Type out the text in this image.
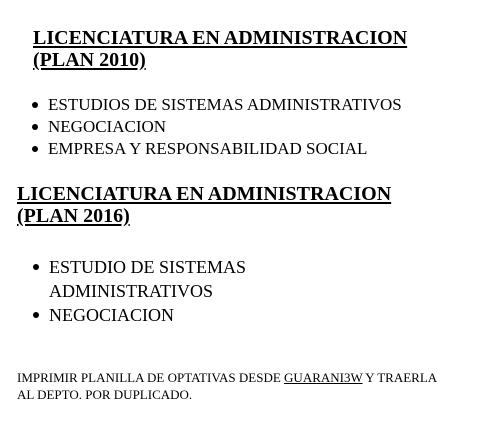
LICENCIATURA EN ADMINISTRACION
(PLAN 2010)
ESTUDIOS DE SISTEMAS ADMINISTRATIVOS
NEGOCIACION
EMPRESA Y RESPONSABILIDAD SOCIAL
LICENCIATURA EN ADMINISTRACION
(PLAN 2016)
ESTUDIO DE SISTEMAS ADMINISTRATIVOS
NEGOCIACION

IMPRIMIR PLANILLA DE OPTATIVAS DESDE GUARANI3W Y TRAERLA AL DEPTO. POR DUPLICADO.
